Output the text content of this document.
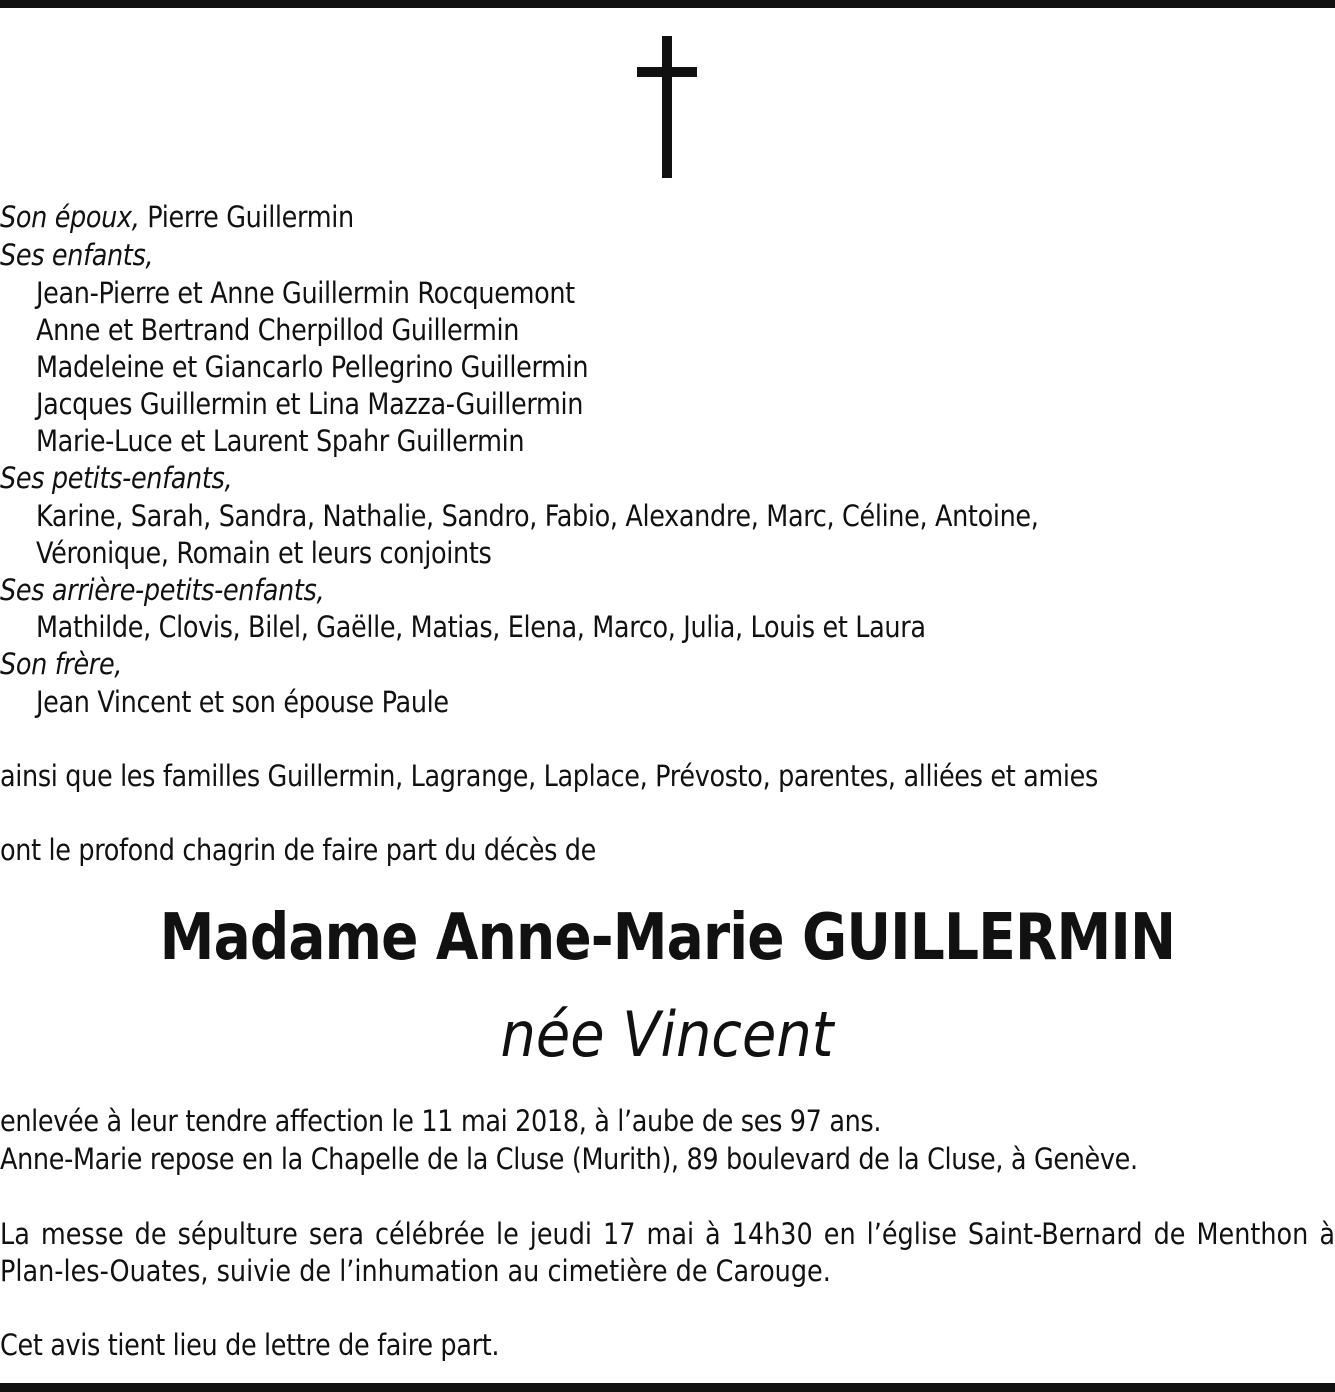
Son époux, Pierre Guillermin
Ses enfants,
Jean-Pierre et Anne Guillermin Rocquemont
Anne et Bertrand Cherpillod Guillermin
Madeleine et Giancarlo Pellegrino Guillermin
Jacques Guillermin et Lina Mazza-Guillermin
Marie-Luce et Laurent Spahr Guillermin
Ses petits-enfants,
Karine, Sarah, Sandra, Nathalie, Sandro, Fabio, Alexandre, Marc, Céline, Antoine,
Véronique, Romain et leurs conjoints
Ses arrière-petits-enfants,
Mathilde, Clovis, Bilel, Gaëlle, Matias, Elena, Marco, Julia, Louis et Laura
Son frère,
Jean Vincent et son épouse Paule
ainsi que les familles Guillermin, Lagrange, Laplace, Prévosto, parentes, alliées et amies
ont le profond chagrin de faire part du décès de
Madame Anne-Marie GUILLERMIN
née Vincent
enlevée à leur tendre affection le 11 mai 2018, à l’aube de ses 97 ans.
Anne-Marie repose en la Chapelle de la Cluse (Murith), 89 boulevard de la Cluse, à Genève.
La messe de sépulture sera célébrée le jeudi 17 mai à 14h30 en l’église Saint-Bernard de Menthon à Plan-les-Ouates, suivie de l’inhumation au cimetière de Carouge.
Cet avis tient lieu de lettre de faire part.
